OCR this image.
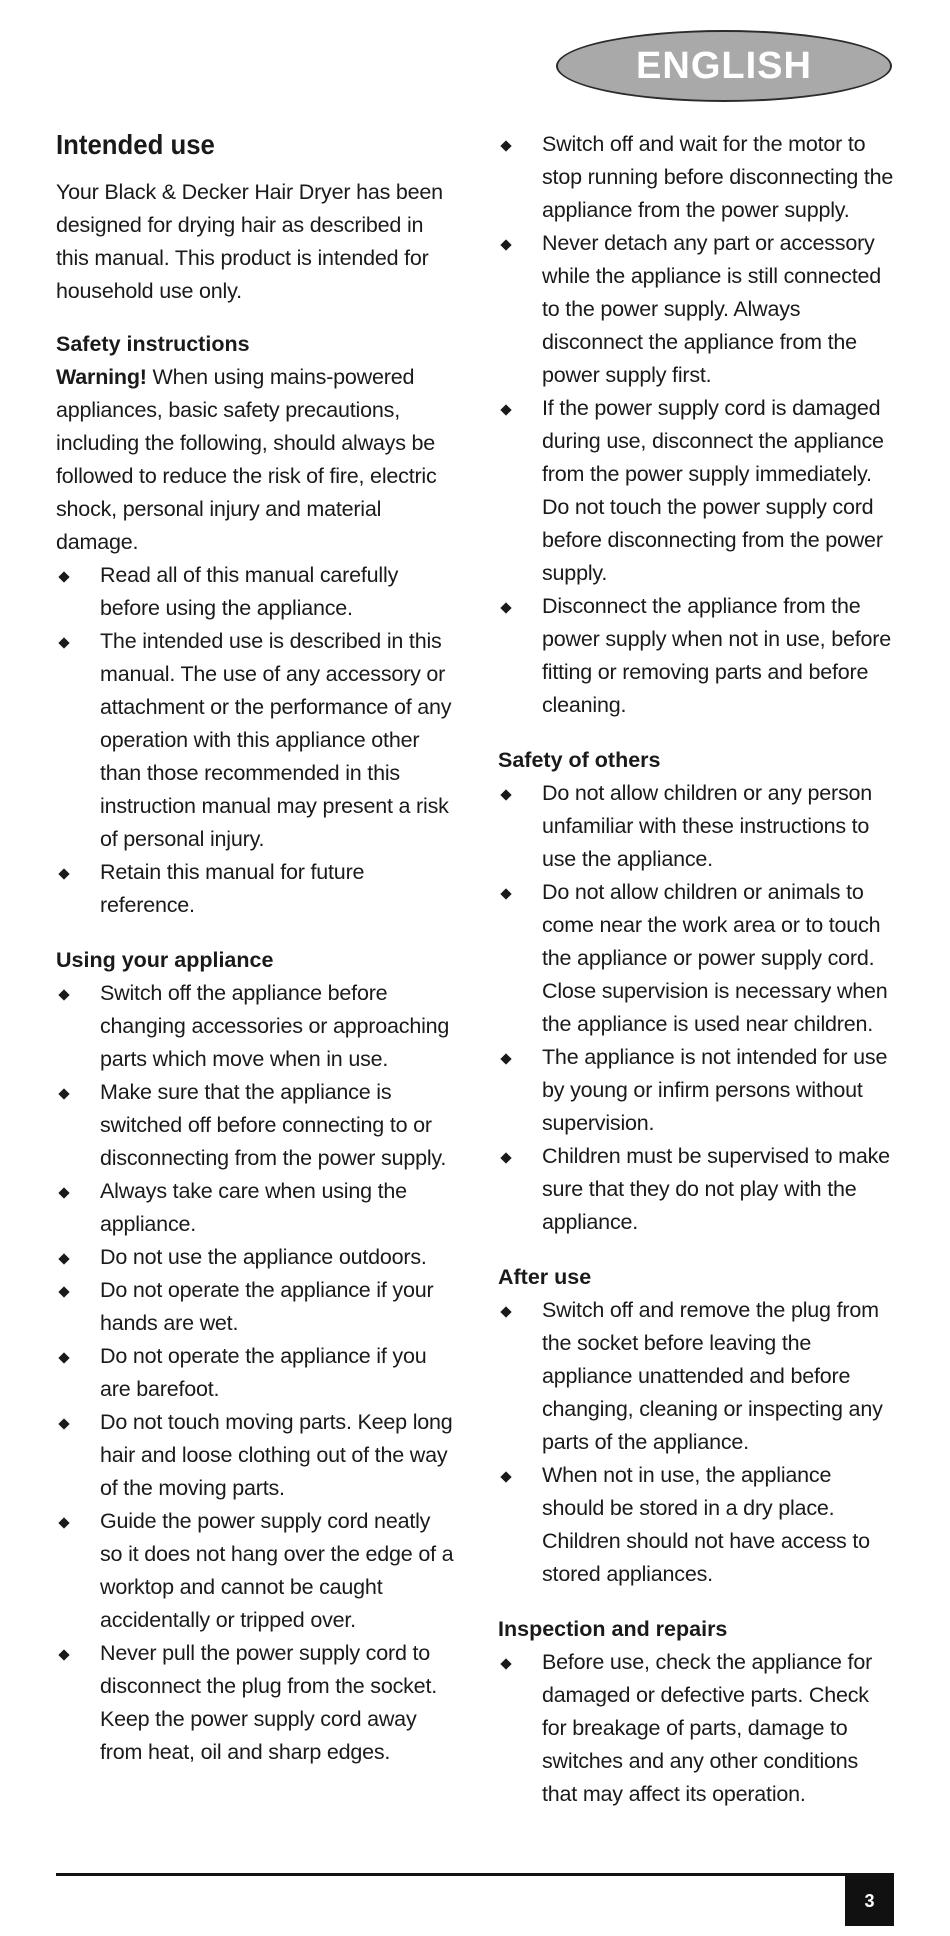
ENGLISH
Intended use

Your Black & Decker Hair Dryer has been designed for drying hair as described in this manual. This product is intended for household use only.

Safety instructions

Warning! When using mains-powered appliances, basic safety precautions, including the following, should always be followed to reduce the risk of fire, electric shock, personal injury and material damage.

Read all of this manual carefully before using the appliance.
The intended use is described in this manual. The use of any accessory or attachment or the performance of any operation with this appliance other than those recommended in this instruction manual may present a risk of personal injury.
Retain this manual for future reference.
Using your appliance
Switch off the appliance before changing accessories or approaching parts which move when in use.
Make sure that the appliance is switched off before connecting to or disconnecting from the power supply.
Always take care when using the appliance.
Do not use the appliance outdoors.
Do not operate the appliance if your hands are wet.
Do not operate the appliance if you are barefoot.
Do not touch moving parts. Keep long hair and loose clothing out of the way of the moving parts.
Guide the power supply cord neatly so it does not hang over the edge of a worktop and cannot be caught accidentally or tripped over.
Never pull the power supply cord to disconnect the plug from the socket. Keep the power supply cord away from heat, oil and sharp edges.
Switch off and wait for the motor to stop running before disconnecting the appliance from the power supply.
Never detach any part or accessory while the appliance is still connected to the power supply. Always disconnect the appliance from the power supply first.
If the power supply cord is damaged during use, disconnect the appliance from the power supply immediately. Do not touch the power supply cord before disconnecting from the power supply.
Disconnect the appliance from the power supply when not in use, before fitting or removing parts and before cleaning.
Safety of others
Do not allow children or any person unfamiliar with these instructions to use the appliance.
Do not allow children or animals to come near the work area or to touch the appliance or power supply cord. Close supervision is necessary when the appliance is used near children.
The appliance is not intended for use by young or infirm persons without supervision.
Children must be supervised to make sure that they do not play with the appliance.
After use
Switch off and remove the plug from the socket before leaving the appliance unattended and before changing, cleaning or inspecting any parts of the appliance.
When not in use, the appliance should be stored in a dry place. Children should not have access to stored appliances.
Inspection and repairs
Before use, check the appliance for damaged or defective parts. Check for breakage of parts, damage to switches and any other conditions that may affect its operation.
3
